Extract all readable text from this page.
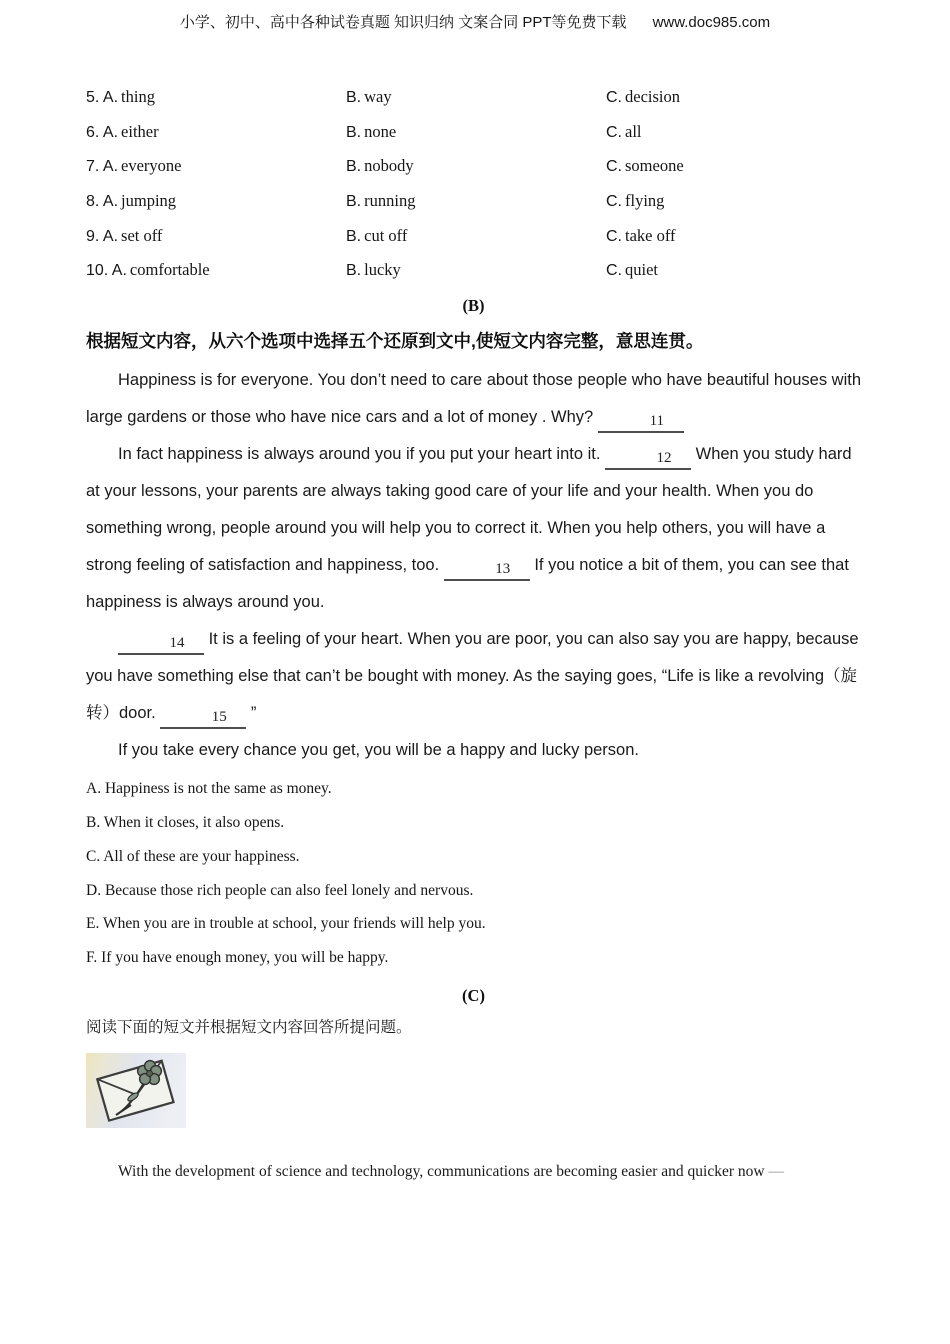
小学、初中、高中各种试卷真题 知识归纳 文案合同 PPT等免费下载 www.doc985.com
5. A. thing	B. way	C. decision
6. A. either	B. none	C. all
7. A. everyone	B. nobody	C. someone
8. A. jumping	B. running	C. flying
9. A. set off	B. cut off	C. take off
10. A. comfortable	B. lucky	C. quiet
(B)
根据短文内容，从六个选项中选择五个还原到文中,使短文内容完整，意思连贯。

Happiness is for everyone. You don’t need to care about those people who have beautiful houses with large gardens or those who have nice cars and a lot of money . Why?	11

In fact happiness is always around you if you put your heart into it.	12 When you study hard at your lessons, your parents are always taking good care of your life and your health. When you do something wrong, people around you will help you to correct it. When you help others, you will have a strong feeling of satisfaction and happiness, too.	13 If you notice a bit of them, you can see that happiness is always around you.

14 It is a feeling of your heart. When you are poor, you can also say you are happy, because you have something else that can’t be bought with money. As the saying goes, “Life is like a revolving（旋转）door.	15 ”

If you take every chance you get, you will be a happy and lucky person.

A. Happiness is not the same as money.
B. When it closes, it also opens.
C. All of these are your happiness.
D. Because those rich people can also feel lonely and nervous.
E. When you are in trouble at school, your friends will help you.
F. If you have enough money, you will be happy.
(C)
阅读下面的短文并根据短文内容回答所提问题。

With the development of science and technology, communications are becoming easier and quicker now —
